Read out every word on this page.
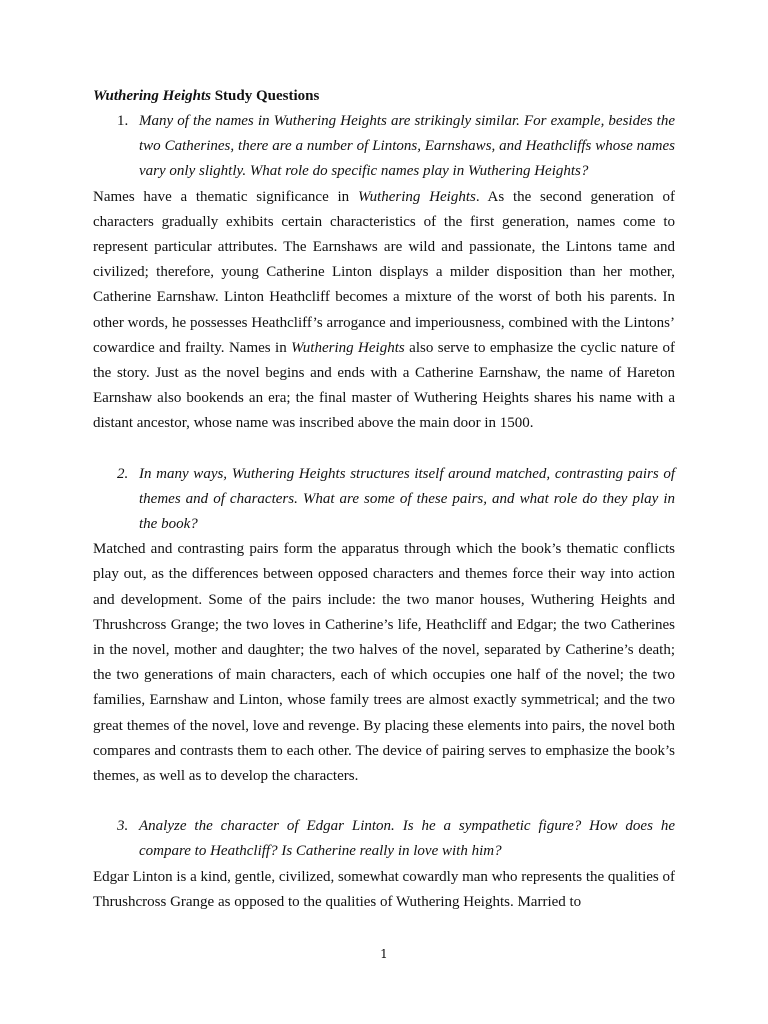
Wuthering Heights Study Questions

1. Many of the names in Wuthering Heights are strikingly similar. For example, besides the two Catherines, there are a number of Lintons, Earnshaws, and Heathcliffs whose names vary only slightly. What role do specific names play in Wuthering Heights?

Names have a thematic significance in Wuthering Heights. As the second generation of characters gradually exhibits certain characteristics of the first generation, names come to represent particular attributes. The Earnshaws are wild and passionate, the Lintons tame and civilized; therefore, young Catherine Linton displays a milder disposition than her mother, Catherine Earnshaw. Linton Heathcliff becomes a mixture of the worst of both his parents. In other words, he possesses Heathcliff’s arrogance and imperiousness, combined with the Lintons’ cowardice and frailty. Names in Wuthering Heights also serve to emphasize the cyclic nature of the story. Just as the novel begins and ends with a Catherine Earnshaw, the name of Hareton Earnshaw also bookends an era; the final master of Wuthering Heights shares his name with a distant ancestor, whose name was inscribed above the main door in 1500.

2. In many ways, Wuthering Heights structures itself around matched, contrasting pairs of themes and of characters. What are some of these pairs, and what role do they play in the book?

Matched and contrasting pairs form the apparatus through which the book’s thematic conflicts play out, as the differences between opposed characters and themes force their way into action and development. Some of the pairs include: the two manor houses, Wuthering Heights and Thrushcross Grange; the two loves in Catherine’s life, Heathcliff and Edgar; the two Catherines in the novel, mother and daughter; the two halves of the novel, separated by Catherine’s death; the two generations of main characters, each of which occupies one half of the novel; the two families, Earnshaw and Linton, whose family trees are almost exactly symmetrical; and the two great themes of the novel, love and revenge. By placing these elements into pairs, the novel both compares and contrasts them to each other. The device of pairing serves to emphasize the book’s themes, as well as to develop the characters.

3. Analyze the character of Edgar Linton. Is he a sympathetic figure? How does he compare to Heathcliff? Is Catherine really in love with him?

Edgar Linton is a kind, gentle, civilized, somewhat cowardly man who represents the qualities of Thrushcross Grange as opposed to the qualities of Wuthering Heights. Married to

1
